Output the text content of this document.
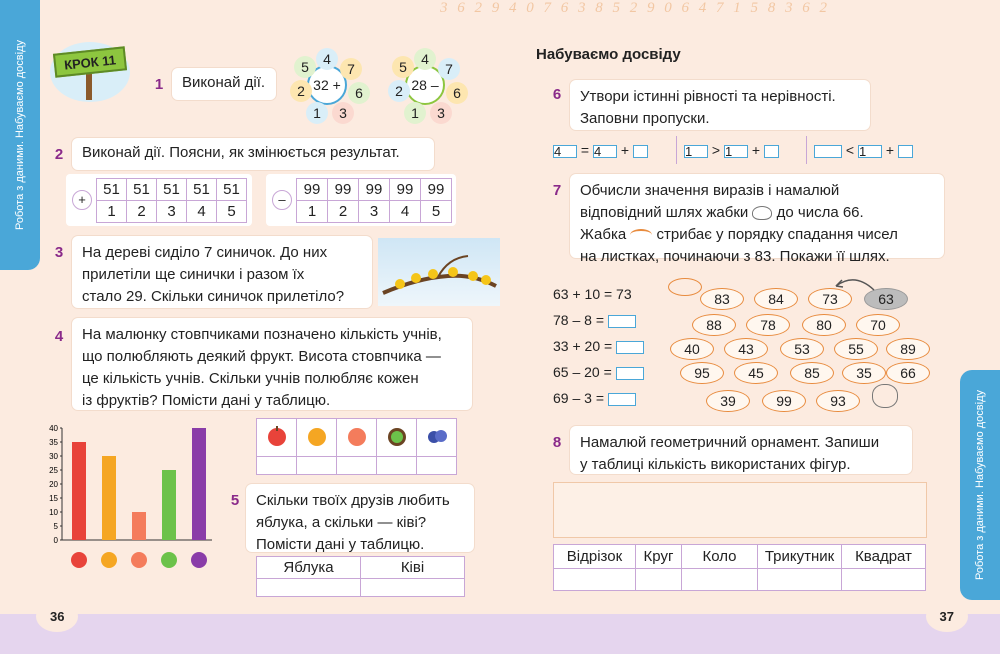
3 6 2 9 4 0 7 6 3 8 5 2 9 0 6 4 7 1 5 8 3 6 2
Робота з даними. Набуваємо досвіду
Робота з даними. Набуваємо досвіду
36	37
КРОК 11
1	Виконай дії.	32 +
4
7
6
3
1
2
5
28 –
4
7
6
3
1
2
5
2	Виконай дії. Поясни, як змінюється результат.
+
51	51	51	51	51
1	2	3	4	5
–
99	99	99	99	99
1	2	3	4	5
3 На дереві сиділо 7 синичок. До них
прилетіли ще синички і разом їх
стало 29. Скільки синичок прилетіло?
4 На малюнку стовпчиками позначено кількість учнів,
що полюбляють деякий фрукт. Висота стовпчика —
це кількість учнів. Скільки учнів полюбляє кожен
із фруктів? Помісти дані у таблицю.
0
5
10
15
20
25
30
35
40

5 Скільки твоїх друзів любить
яблука, а скільки — ківі?
Помісти дані у таблицю.
Яблука	Ківі

Набуваємо досвіду
6 Утвори істинні рівності та нерівності.
Заповни пропуски.
4 = 4 +	1 > 1 +	< 1 +
7 Обчисли значення виразів і намалюй
відповідний шлях жабки до числа 66.
Жабка стрибає у порядку спадання чисел
на листках, починаючи з 83. Покажи її шлях.
63 + 10 = 73
78 – 8 =
33 + 20 =
65 – 20 =
69 – 3 =
83	84	73	63
88	78	80	70
40	43	53	55	89
95	45	85	35	66
39	99	93
8 Намалюй геометричний орнамент. Запиши
у таблиці кількість використаних фігур.
Відрізок	Круг	Коло	Трикутник	Квадрат
